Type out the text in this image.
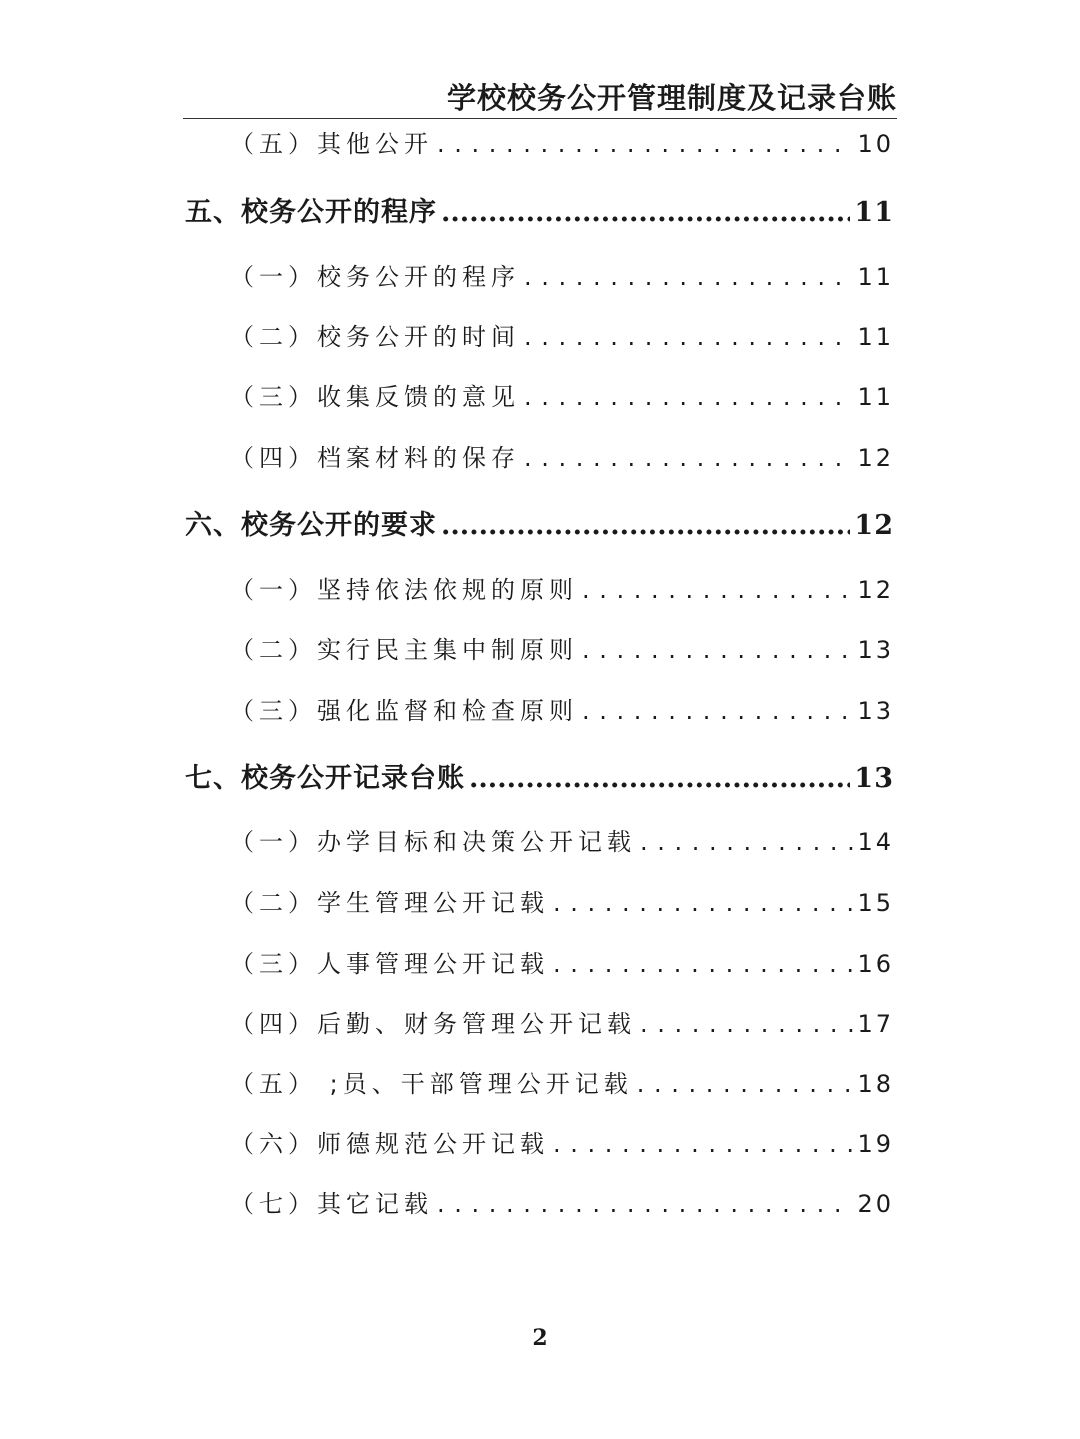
学校校务公开管理制度及记录台账
（五）其他公开 . . .	10
五、校务公开的程序 .....	11
（一）校务公开的程序 . . .	11
（二）校务公开的时间 . . .	11
（三）收集反馈的意见 . . .	11
（四）档案材料的保存 . . .	12
六、校务公开的要求 .....	12
（一）坚持依法依规的原则 . . .	12
（二）实行民主集中制原则 . . .	13
（三）强化监督和检查原则 . . .	13
七、校务公开记录台账 .....	13
（一）办学目标和决策公开记载 . . .	14
（二）学生管理公开记载 . . .	15
（三）人事管理公开记载 . . .	16
（四）后勤、财务管理公开记载 . . .	17
（五） ;员、干部管理公开记载 . . .	18
（六）师德规范公开记载 . . .	19
（七）其它记载 . . .	20
2
